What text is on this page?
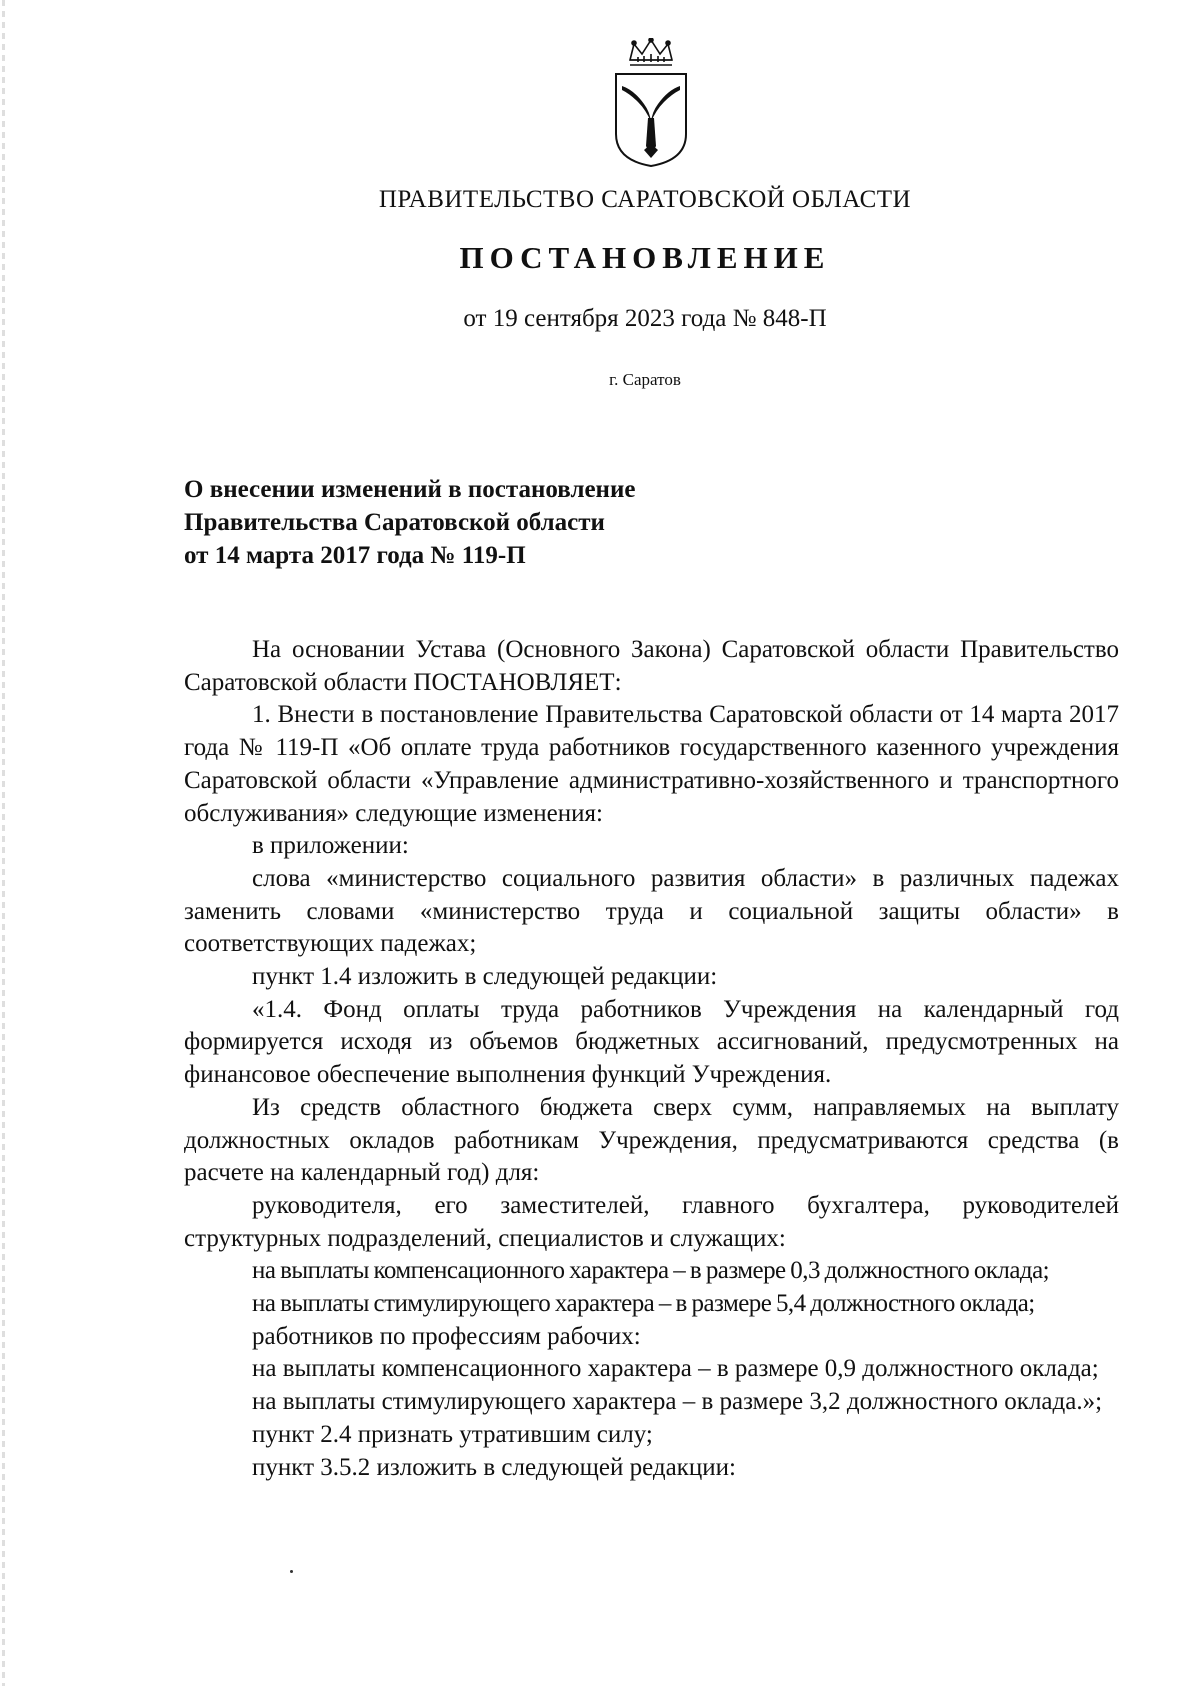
ПРАВИТЕЛЬСТВО САРАТОВСКОЙ ОБЛАСТИ
ПОСТАНОВЛЕНИЕ
от 19 сентября 2023 года № 848-П
г. Саратов
О внесении изменений в постановление
Правительства Саратовской области
от 14 марта 2017 года № 119-П

На основании Устава (Основного Закона) Саратовской области Правительство Саратовской области ПОСТАНОВЛЯЕТ:

1. Внести в постановление Правительства Саратовской области от 14 марта 2017 года № 119-П «Об оплате труда работников государственного казенного учреждения Саратовской области «Управление административно-хозяйственного и транспортного обслуживания» следующие изменения:

в приложении:

слова «министерство социального развития области» в различных падежах заменить словами «министерство труда и социальной защиты области» в соответствующих падежах;

пункт 1.4 изложить в следующей редакции:

«1.4. Фонд оплаты труда работников Учреждения на календарный год формируется исходя из объемов бюджетных ассигнований, предусмотренных на финансовое обеспечение выполнения функций Учреждения.

Из средств областного бюджета сверх сумм, направляемых на выплату должностных окладов работникам Учреждения, предусматриваются средства (в расчете на календарный год) для:

руководителя, его заместителей, главного бухгалтера, руководителей структурных подразделений, специалистов и служащих:

на выплаты компенсационного характера – в размере 0,3 должностного оклада;

на выплаты стимулирующего характера – в размере 5,4 должностного оклада;

работников по профессиям рабочих:

на выплаты компенсационного характера – в размере 0,9 должностного оклада;

на выплаты стимулирующего характера – в размере 3,2 должностного оклада.»;

пункт 2.4 признать утратившим силу;

пункт 3.5.2 изложить в следующей редакции:
